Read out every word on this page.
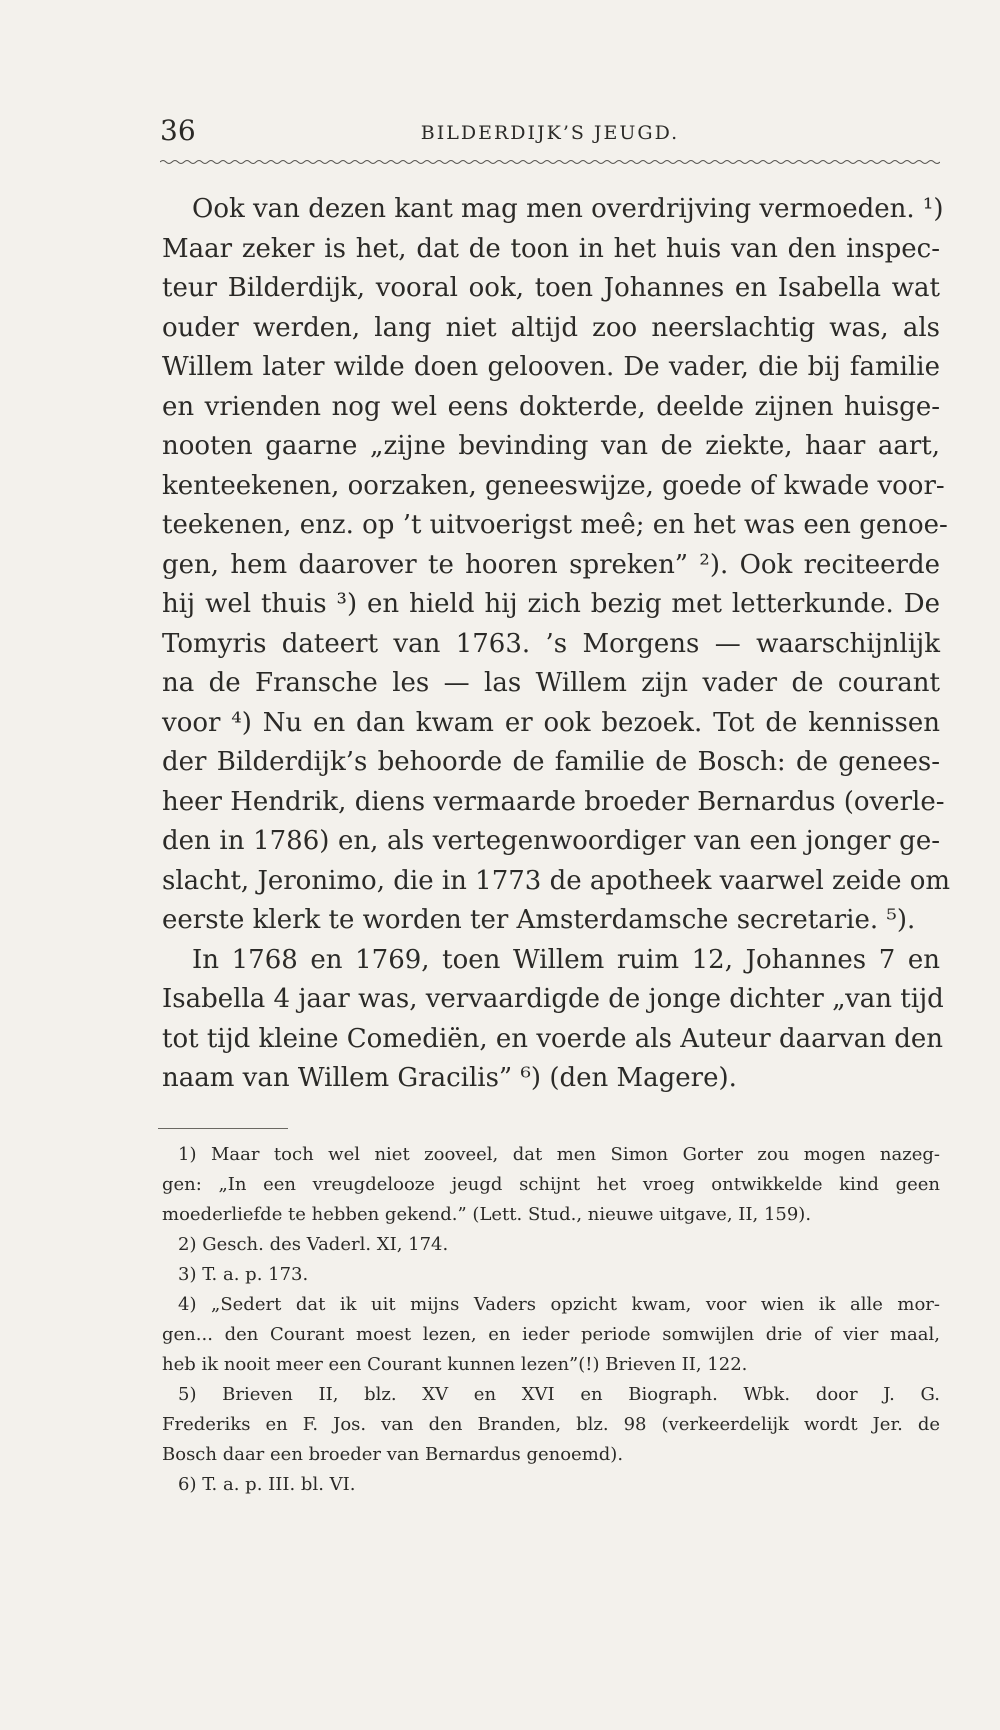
36	BILDERDIJK’S JEUGD.

Ook van dezen kant mag men overdrijving vermoeden. ¹)
Maar zeker is het, dat de toon in het huis van den inspec-
teur Bilderdijk, vooral ook, toen Johannes en Isabella wat
ouder werden, lang niet altijd zoo neerslachtig was, als
Willem later wilde doen gelooven. De vader, die bij familie
en vrienden nog wel eens dokterde, deelde zijnen huisge-
nooten gaarne „zijne bevinding van de ziekte, haar aart,
kenteekenen, oorzaken, geneeswijze, goede of kwade voor-
teekenen, enz. op ’t uitvoerigst meê; en het was een genoe-
gen, hem daarover te hooren spreken” ²). Ook reciteerde
hij wel thuis ³) en hield hij zich bezig met letterkunde. De
Tomyris dateert van 1763. ’s Morgens — waarschijnlijk
na de Fransche les — las Willem zijn vader de courant
voor ⁴) Nu en dan kwam er ook bezoek. Tot de kennissen
der Bilderdijk’s behoorde de familie de Bosch: de genees-
heer Hendrik, diens vermaarde broeder Bernardus (overle-
den in 1786) en, als vertegenwoordiger van een jonger ge-
slacht, Jeronimo, die in 1773 de apotheek vaarwel zeide om
eerste klerk te worden ter Amsterdamsche secretarie. ⁵).

In 1768 en 1769, toen Willem ruim 12, Johannes 7 en
Isabella 4 jaar was, vervaardigde de jonge dichter „van tijd
tot tijd kleine Comediën, en voerde als Auteur daarvan den
naam van Willem Gracilis” ⁶) (den Magere).

1) Maar toch wel niet zooveel, dat men Simon Gorter zou mogen nazeg-
gen: „In een vreugdelooze jeugd schijnt het vroeg ontwikkelde kind geen
moederliefde te hebben gekend.” (Lett. Stud., nieuwe uitgave, II, 159).

2) Gesch. des Vaderl. XI, 174.

3) T. a. p. 173.

4) „Sedert dat ik uit mijns Vaders opzicht kwam, voor wien ik alle mor-
gen... den Courant moest lezen, en ieder periode somwijlen drie of vier maal,
heb ik nooit meer een Courant kunnen lezen”(!) Brieven II, 122.

5) Brieven II, blz. XV en XVI en Biograph. Wbk. door J. G.
Frederiks en F. Jos. van den Branden, blz. 98 (verkeerdelijk wordt Jer. de
Bosch daar een broeder van Bernardus genoemd).

6) T. a. p. III. bl. VI.
